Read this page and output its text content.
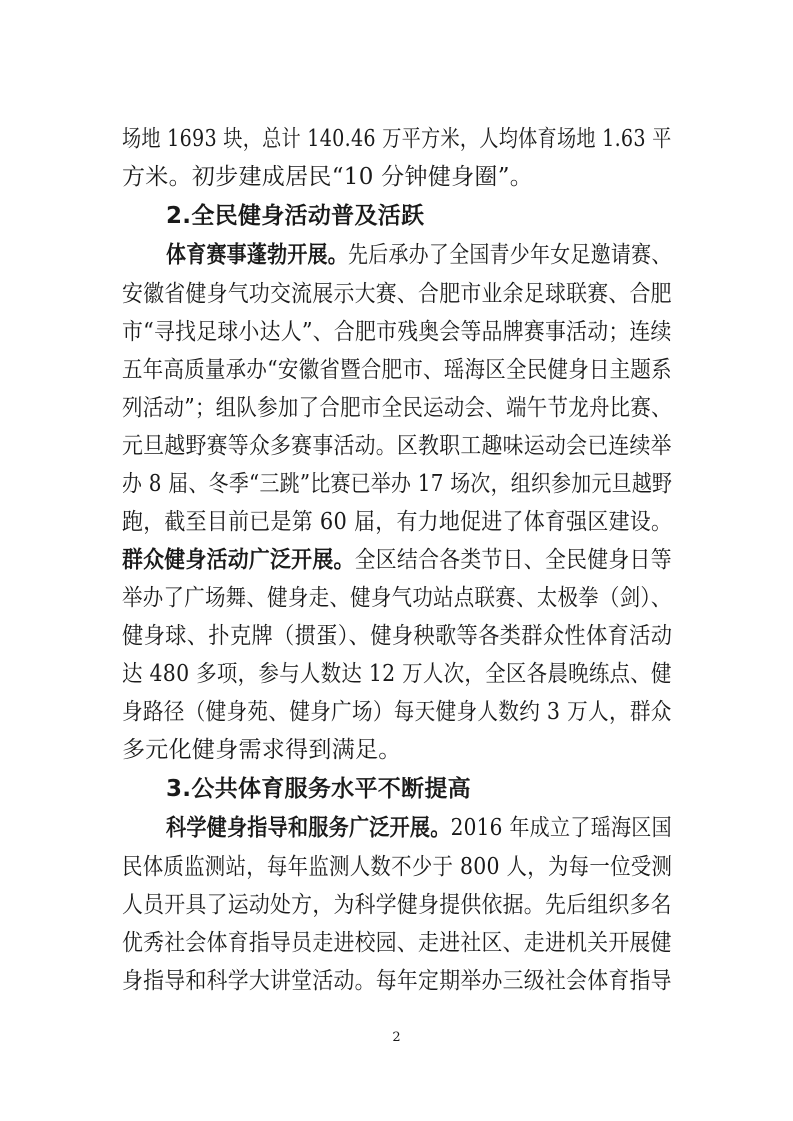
场地 1693 块，总计 140.46 万平方米，人均体育场地 1.63 平
方米。初步建成居民“10 分钟健身圈”。
2.全民健身活动普及活跃
体育赛事蓬勃开展。先后承办了全国青少年女足邀请赛、
安徽省健身气功交流展示大赛、合肥市业余足球联赛、合肥
市“寻找足球小达人”、合肥市残奥会等品牌赛事活动；连续
五年高质量承办“安徽省暨合肥市、瑶海区全民健身日主题系
列活动”；组队参加了合肥市全民运动会、端午节龙舟比赛、
元旦越野赛等众多赛事活动。区教职工趣味运动会已连续举
办 8 届、冬季“三跳”比赛已举办 17 场次，组织参加元旦越野
跑，截至目前已是第 60 届，有力地促进了体育强区建设。
群众健身活动广泛开展。全区结合各类节日、全民健身日等
举办了广场舞、健身走、健身气功站点联赛、太极拳（剑）、
健身球、扑克牌（掼蛋）、健身秧歌等各类群众性体育活动
达 480 多项，参与人数达 12 万人次，全区各晨晚练点、健
身路径（健身苑、健身广场）每天健身人数约 3 万人，群众
多元化健身需求得到满足。
3.公共体育服务水平不断提高
科学健身指导和服务广泛开展。2016 年成立了瑶海区国
民体质监测站，每年监测人数不少于 800 人，为每一位受测
人员开具了运动处方，为科学健身提供依据。先后组织多名
优秀社会体育指导员走进校园、走进社区、走进机关开展健
身指导和科学大讲堂活动。每年定期举办三级社会体育指导
2
